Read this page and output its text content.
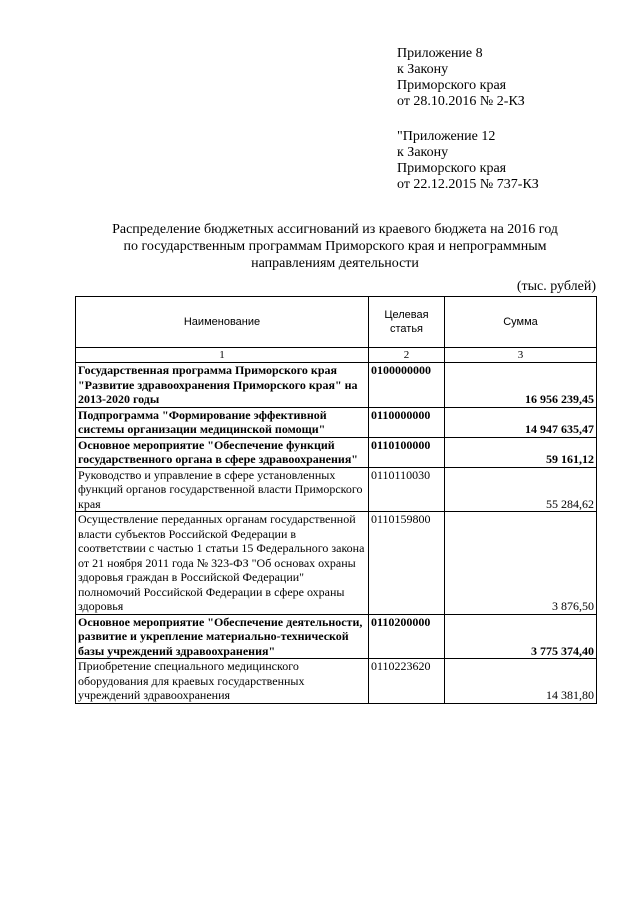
Приложение 8
к Закону
Приморского края
от 28.10.2016 № 2-КЗ
"Приложение 12
к Закону
Приморского края
от 22.12.2015 № 737-КЗ
Распределение бюджетных ассигнований из краевого бюджета на 2016 год
по государственным программам Приморского края и непрограммным
направлениям деятельности
(тыс. рублей)
Наименование	Целевая статья	Сумма
1	2	3
Государственная программа Приморского края "Развитие здравоохранения Приморского края" на 2013-2020 годы	0100000000	16 956 239,45
Подпрограмма "Формирование эффективной системы организации медицинской помощи"	0110000000	14 947 635,47
Основное мероприятие "Обеспечение функций государственного органа в сфере здравоохранения"	0110100000	59 161,12
Руководство и управление в сфере установленных функций органов государственной власти Приморского края	0110110030	55 284,62
Осуществление переданных органам государственной власти субъектов Российской Федерации в соответствии с частью 1 статьи 15 Федерального закона от 21 ноября 2011 года № 323-ФЗ "Об основах охраны здоровья граждан в Российской Федерации" полномочий Российской Федерации в сфере охраны здоровья	0110159800	3 876,50
Основное мероприятие "Обеспечение деятельности, развитие и укрепление материально-технической базы учреждений здравоохранения"	0110200000	3 775 374,40
Приобретение специального медицинского оборудования для краевых государственных учреждений здравоохранения	0110223620	14 381,80
